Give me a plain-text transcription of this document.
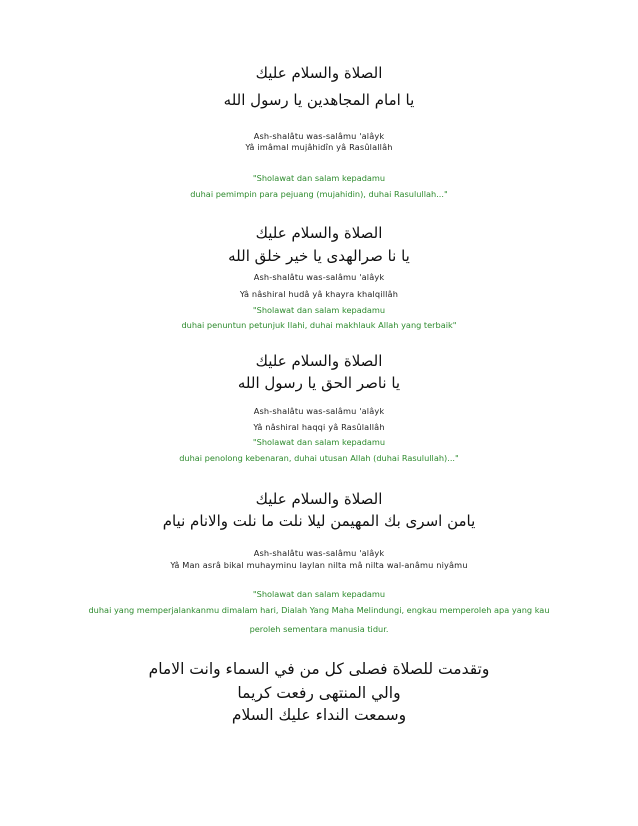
الصلاة والسلام عليك
يا امام المجاهدين يا رسول الله
Ash-shalâtu was-salâmu 'alâyk
Yâ imâmal mujâhidîn yâ Rasûlallâh
"Sholawat dan salam kepadamu
duhai pemimpin para pejuang (mujahidin), duhai Rasulullah..."
الصلاة والسلام عليك
يا نا صرالهدى يا خير خلق الله
Ash-shalâtu was-salâmu 'alâyk
Yâ nâshiral hudâ yâ khayra khalqillâh
"Sholawat dan salam kepadamu
duhai penuntun petunjuk Ilahi, duhai makhlauk Allah yang terbaik"
الصلاة والسلام عليك
يا ناصر الحق يا رسول الله
Ash-shalâtu was-salâmu 'alâyk
Yâ nâshiral haqqi yâ Rasûlallâh
"Sholawat dan salam kepadamu
duhai penolong kebenaran, duhai utusan Allah (duhai Rasulullah)..."
الصلاة والسلام عليك
يامن اسرى بك المهيمن ليلا نلت ما نلت والانام نيام
Ash-shalâtu was-salâmu 'alâyk
Yâ Man asrâ bikal muhayminu laylan nilta mâ nilta wal-anâmu niyâmu
"Sholawat dan salam kepadamu
duhai yang memperjalankanmu dimalam hari, Dialah Yang Maha Melindungi, engkau memperoleh apa yang kau
peroleh sementara manusia tidur.
وتقدمت للصلاة فصلى كل من في السماء وانت الامام
والي المنتهى رفعت كريما
وسمعت النداء عليك السلام
